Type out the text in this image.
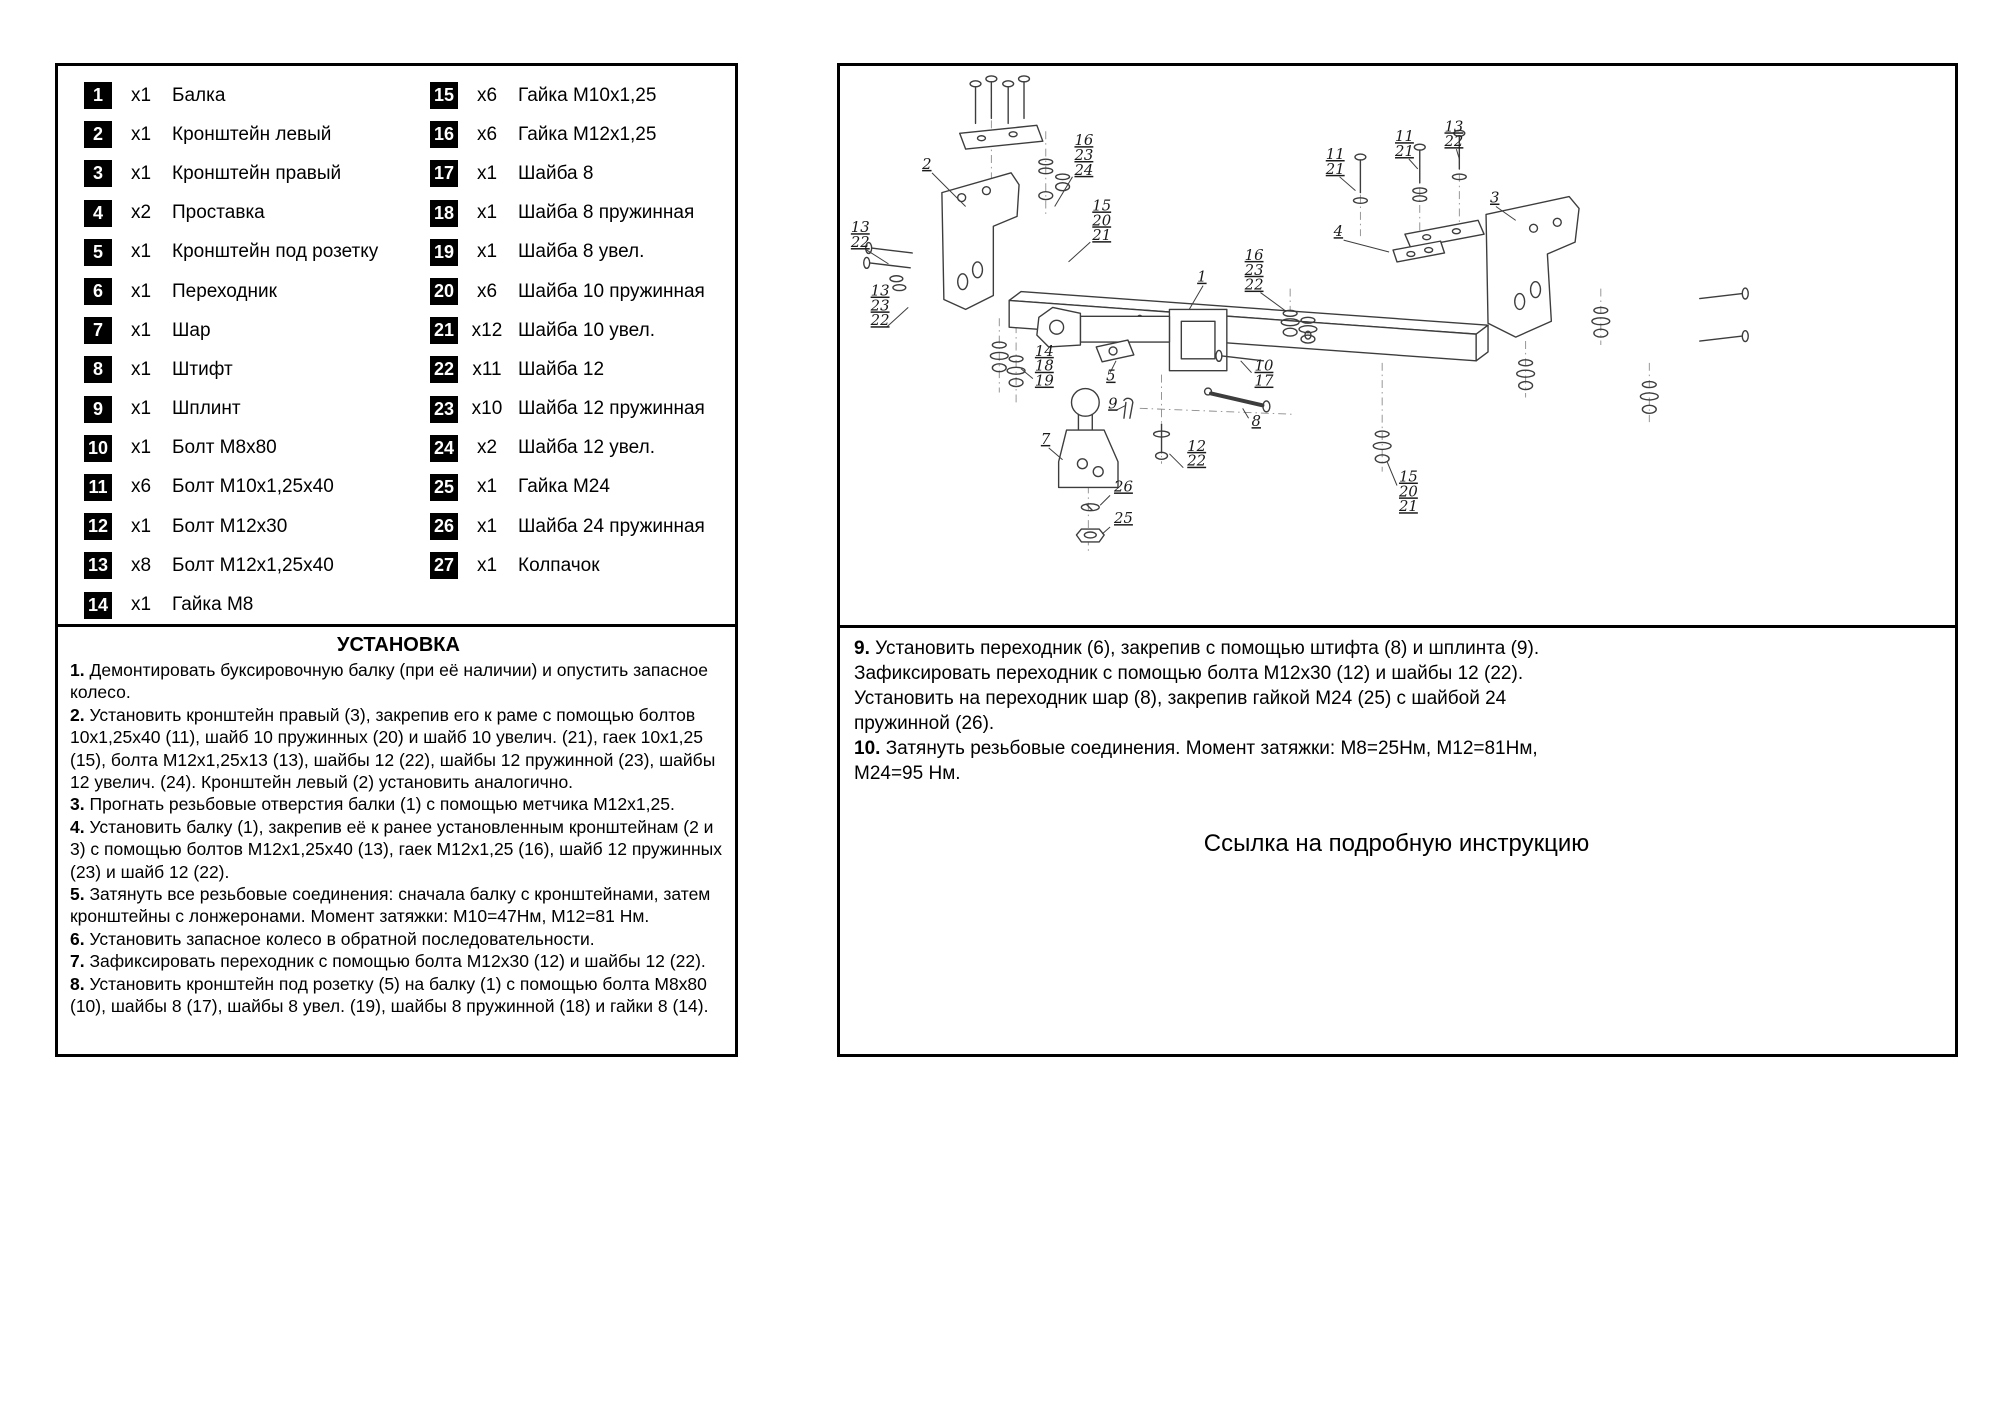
1	x1	Балка
2	x1	Кронштейн левый
3	x1	Кронштейн правый
4	x2	Проставка
5	x1	Кронштейн под розетку
6	x1	Переходник
7	x1	Шар
8	x1	Штифт
9	x1	Шплинт
10	x1	Болт М8х80
11	x6	Болт М10х1,25х40
12	x1	Болт М12х30
13	x8	Болт М12х1,25х40
14	x1	Гайка М8
15	x6	Гайка М10х1,25
16	x6	Гайка М12х1,25
17	x1	Шайба 8
18	x1	Шайба 8 пружинная
19	x1	Шайба 8 увел.
20	x6	Шайба 10 пружинная
21 x12 Шайба 10 увел.
22 x11 Шайба 12
23 x10 Шайба 12 пружинная
24	x2	Шайба 12 увел.
25	x1	Гайка М24
26	x1	Шайба 24 пружинная
27	x1	Колпачок
УСТАНОВКА

1. Демонтировать буксировочную балку (при её наличии) и опустить запасное колесо.

2. Установить кронштейн правый (3), закрепив его к раме с помощью болтов 10х1,25х40 (11), шайб 10 пружинных (20) и шайб 10 увелич. (21), гаек 10х1,25 (15), болта М12х1,25х13 (13), шайбы 12 (22), шайбы 12 пружинной (23), шайбы 12 увелич. (24). Кронштейн левый (2) установить аналогично.

3. Прогнать резьбовые отверстия балки (1) с помощью метчика М12х1,25.

4. Установить балку (1), закрепив её к ранее установленным кронштейнам (2 и 3) с помощью болтов М12х1,25х40 (13), гаек М12х1,25 (16), шайб 12 пружинных (23) и шайб 12 (22).

5. Затянуть все резьбовые соединения: сначала балку с кронштейнами, затем кронштейны с лонжеронами. Момент затяжки: М10=47Нм, М12=81 Нм.

6. Установить запасное колесо в обратной последовательности.

7. Зафиксировать переходник с помощью болта М12х30 (12) и шайбы 12 (22).

8. Установить кронштейн под розетку (5) на балку (1) с помощью болта М8х80 (10), шайбы 8 (17), шайбы 8 увел. (19), шайбы 8 пружинной (18) и гайки 8 (14).

2
16
23
24
15
20
21
13
22
13
23
22
1
16
23
22
14
18
19	5
10
17
9
8
7	12
22
26
25
11
21
11
21
13
22
3
4
15
20
21

9. Установить переходник (6), закрепив с помощью штифта (8) и шплинта (9). Зафиксировать переходник с помощью болта М12х30 (12) и шайбы 12 (22). Установить на переходник шар (8), закрепив гайкой М24 (25) с шайбой 24 пружинной (26).

10. Затянуть резьбовые соединения. Момент затяжки: М8=25Нм, М12=81Нм, М24=95 Нм.

Ссылка на подробную инструкцию
